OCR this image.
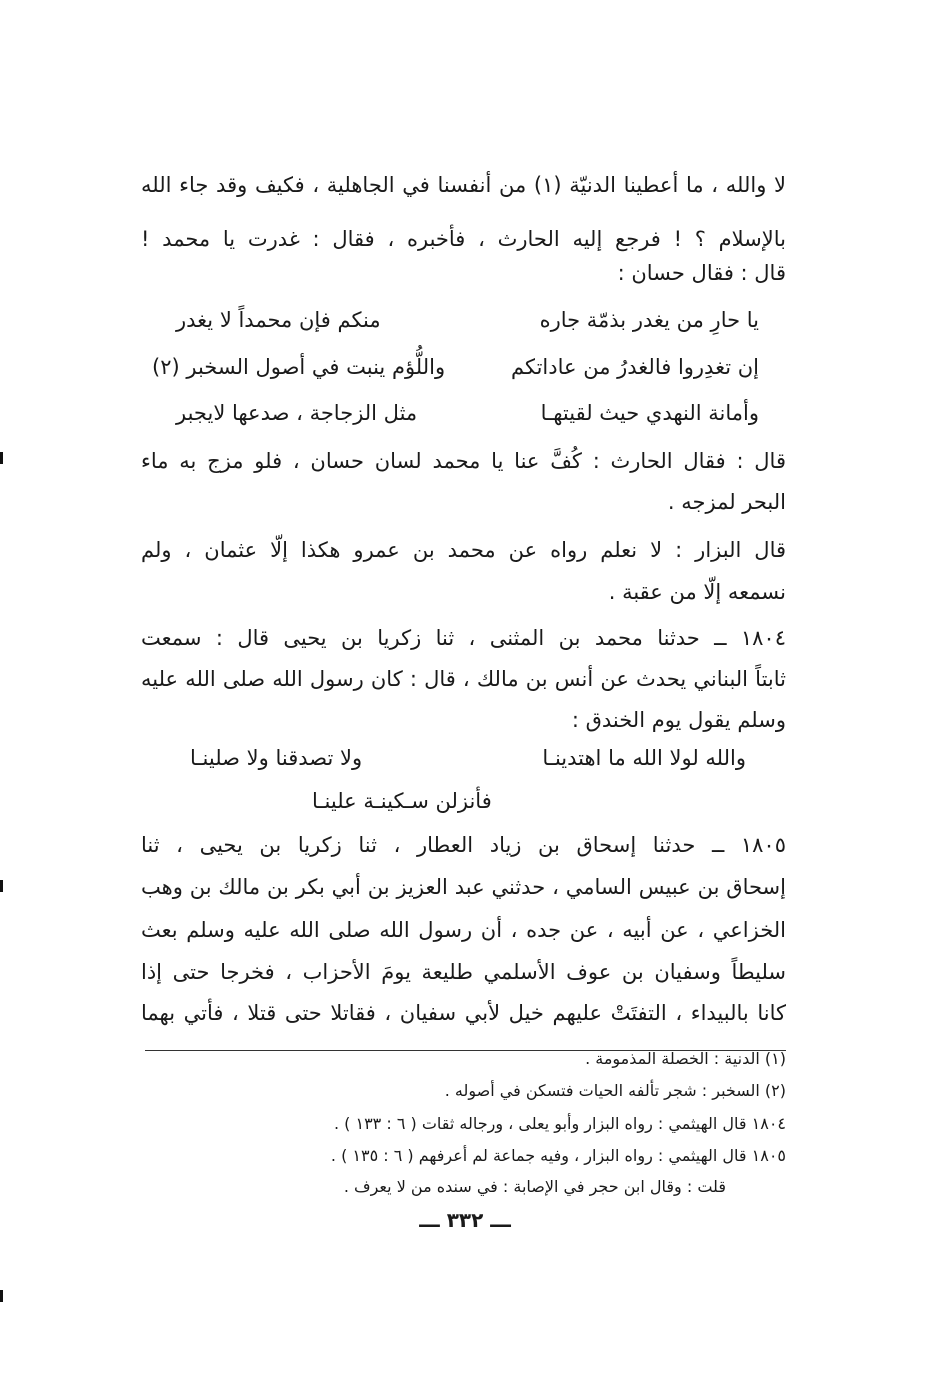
لا والله ، ما أعطينا الدنيّة (١) من أنفسنا في الجاهلية ، فكيف وقد جاء الله
بالإسلام ؟ ! فرجع إليه الحارث ، فأخبره ، فقال : غدرت يا محمد !
قال : فقال حسان :
يا حارِ من يغدر بذمّة جاره
منكم فإن محمداً لا يغدر
إن تغدِروا فالغدرُ من عاداتكم
واللُّؤم ينبت في أصول السخبر (٢)
وأمانة النهدي حيث لقيتهـا
مثل الزجاجة ، صدعها لايجبر
قال : فقال الحارث : كُفَّ عنا يا محمد لسان حسان ، فلو مزج به ماء
البحر لمزجه .
قال البزار : لا نعلم رواه عن محمد بن عمرو هكذا إلّا عثمان ، ولم
نسمعه إلّا من عقبة .
١٨٠٤ ــ حدثنا محمد بن المثنى ، ثنا زكريا بن يحيى قال : سمعت
ثابتاً البناني يحدث عن أنس بن مالك ، قال : كان رسول الله صلى الله عليه
وسلم يقول يوم الخندق :
والله لولا الله ما اهتدينـا
ولا تصدقنا ولا صلينـا
فأنزلن سـكينـة علينـا
١٨٠٥ ــ حدثنا إسحاق بن زياد العطار ، ثنا زكريا بن يحيى ، ثنا
إسحاق بن عبيس السامي ، حدثني عبد العزيز بن أبي بكر بن مالك بن وهب
الخزاعي ، عن أبيه ، عن جده ، أن رسول الله صلى الله عليه وسلم بعث
سليطاً وسفيان بن عوف الأسلمي طليعة يومَ الأحزاب ، فخرجا حتى إذا
كانا بالبيداء ، التفتَتْ عليهم خيل لأبي سفيان ، فقاتلا حتى قتلا ، فأتي بهما
(١) الدنية : الخصلة المذمومة .
(٢) السخبر : شجر تألفه الحيات فتسكن في أصوله .
١٨٠٤ قال الهيثمي : رواه البزار وأبو يعلى ، ورجاله ثقات ( ٦ : ١٣٣ ) .
١٨٠٥ قال الهيثمي : رواه البزار ، وفيه جماعة لم أعرفهم ( ٦ : ١٣٥ ) .
قلت : وقال ابن حجر في الإصابة : في سنده من لا يعرف .
ـــ ٣٣٢ ـــ
